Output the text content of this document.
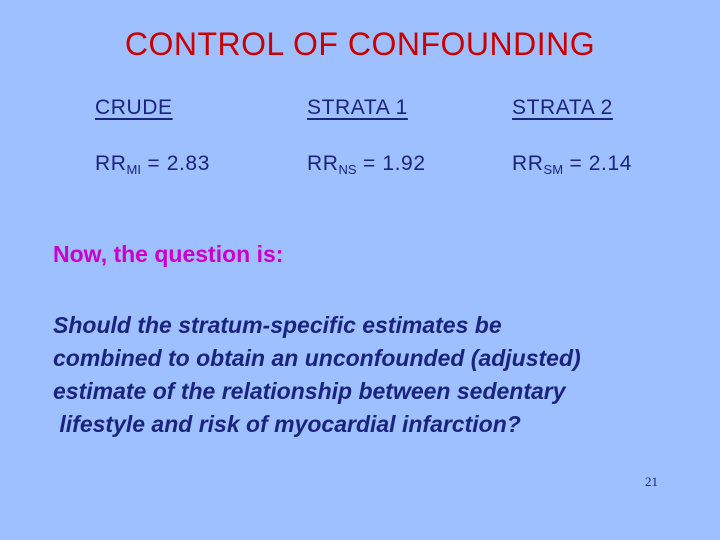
CONTROL OF CONFOUNDING
CRUDE	STRATA 1	STRATA 2
$RR_{MI} = 2.83$	$RR_{NS} = 1.92$	$RR_{SM} = 2.14$
Now, the question is:
Should the stratum-specific estimates be
combined to obtain an unconfounded (adjusted)
estimate of the relationship between sedentary
lifestyle and risk of myocardial infarction?
21
